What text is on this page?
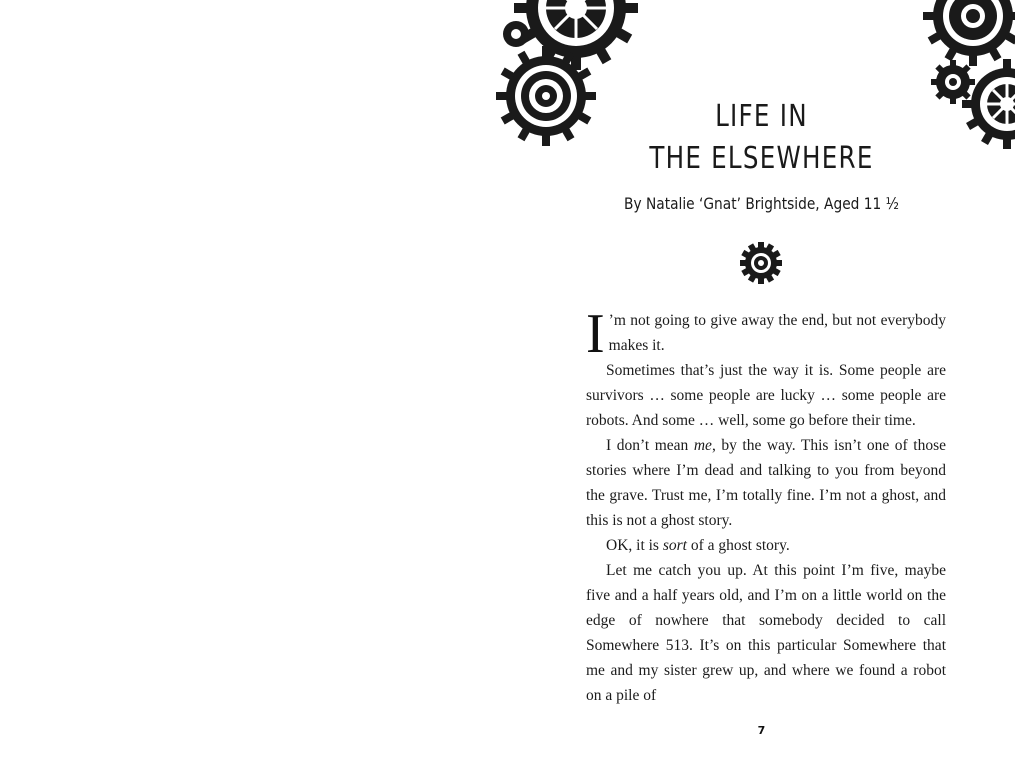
LIFE IN
THE ELSEWHERE
By Natalie ‘Gnat’ Brightside, Aged 11 ½

I ’m not going to give away the end, but not everybody makes it.

Sometimes that’s just the way it is. Some people are survivors … some people are lucky … some people are robots. And some … well, some go before their time.

I don’t mean me, by the way. This isn’t one of those stories where I’m dead and talking to you from beyond the grave. Trust me, I’m totally fine. I’m not a ghost, and this is not a ghost story.

OK, it is sort of a ghost story.

Let me catch you up. At this point I’m five, maybe five and a half years old, and I’m on a little world on the edge of nowhere that somebody decided to call Somewhere 513. It’s on this particular Somewhere that me and my sister grew up, and where we found a robot on a pile of

7
